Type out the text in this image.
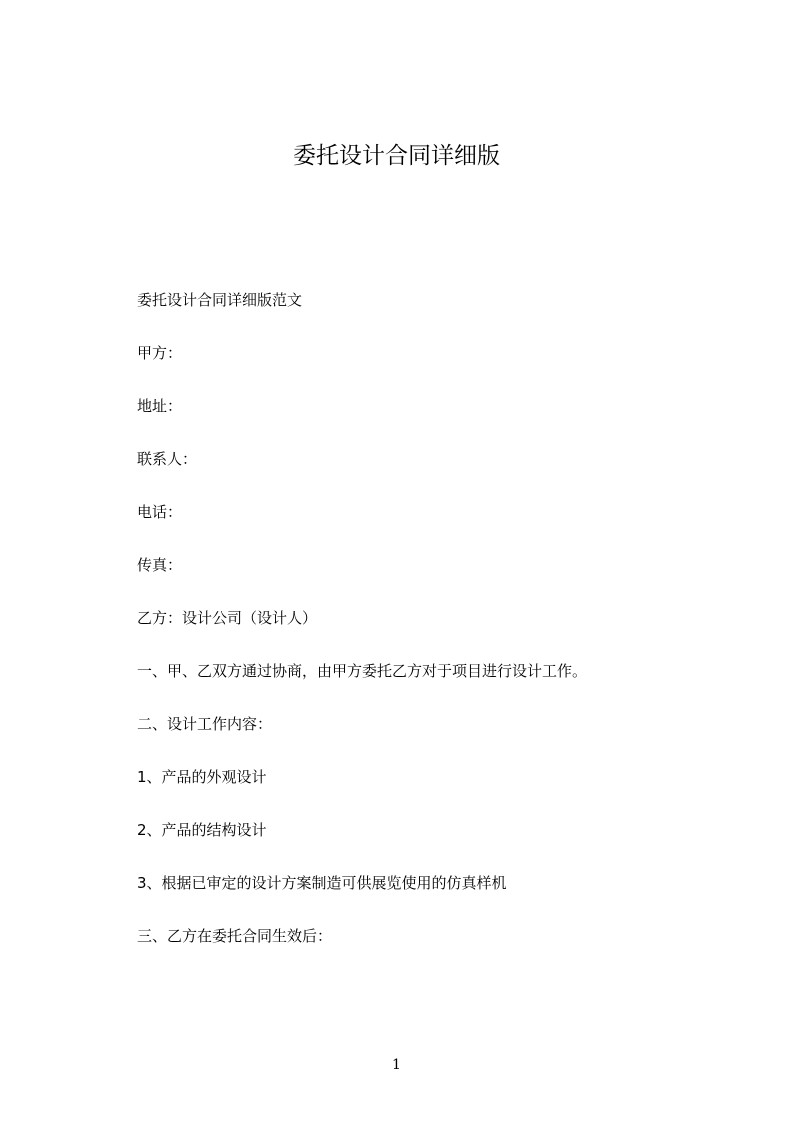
委托设计合同详细版

委托设计合同详细版范文

甲方：

地址：

联系人：

电话：

传真：

乙方：设计公司（设计人）

一、甲、乙双方通过协商，由甲方委托乙方对于项目进行设计工作。

二、设计工作内容：

1、产品的外观设计

2、产品的结构设计

3、根据已审定的设计方案制造可供展览使用的仿真样机

三、乙方在委托合同生效后：

1
